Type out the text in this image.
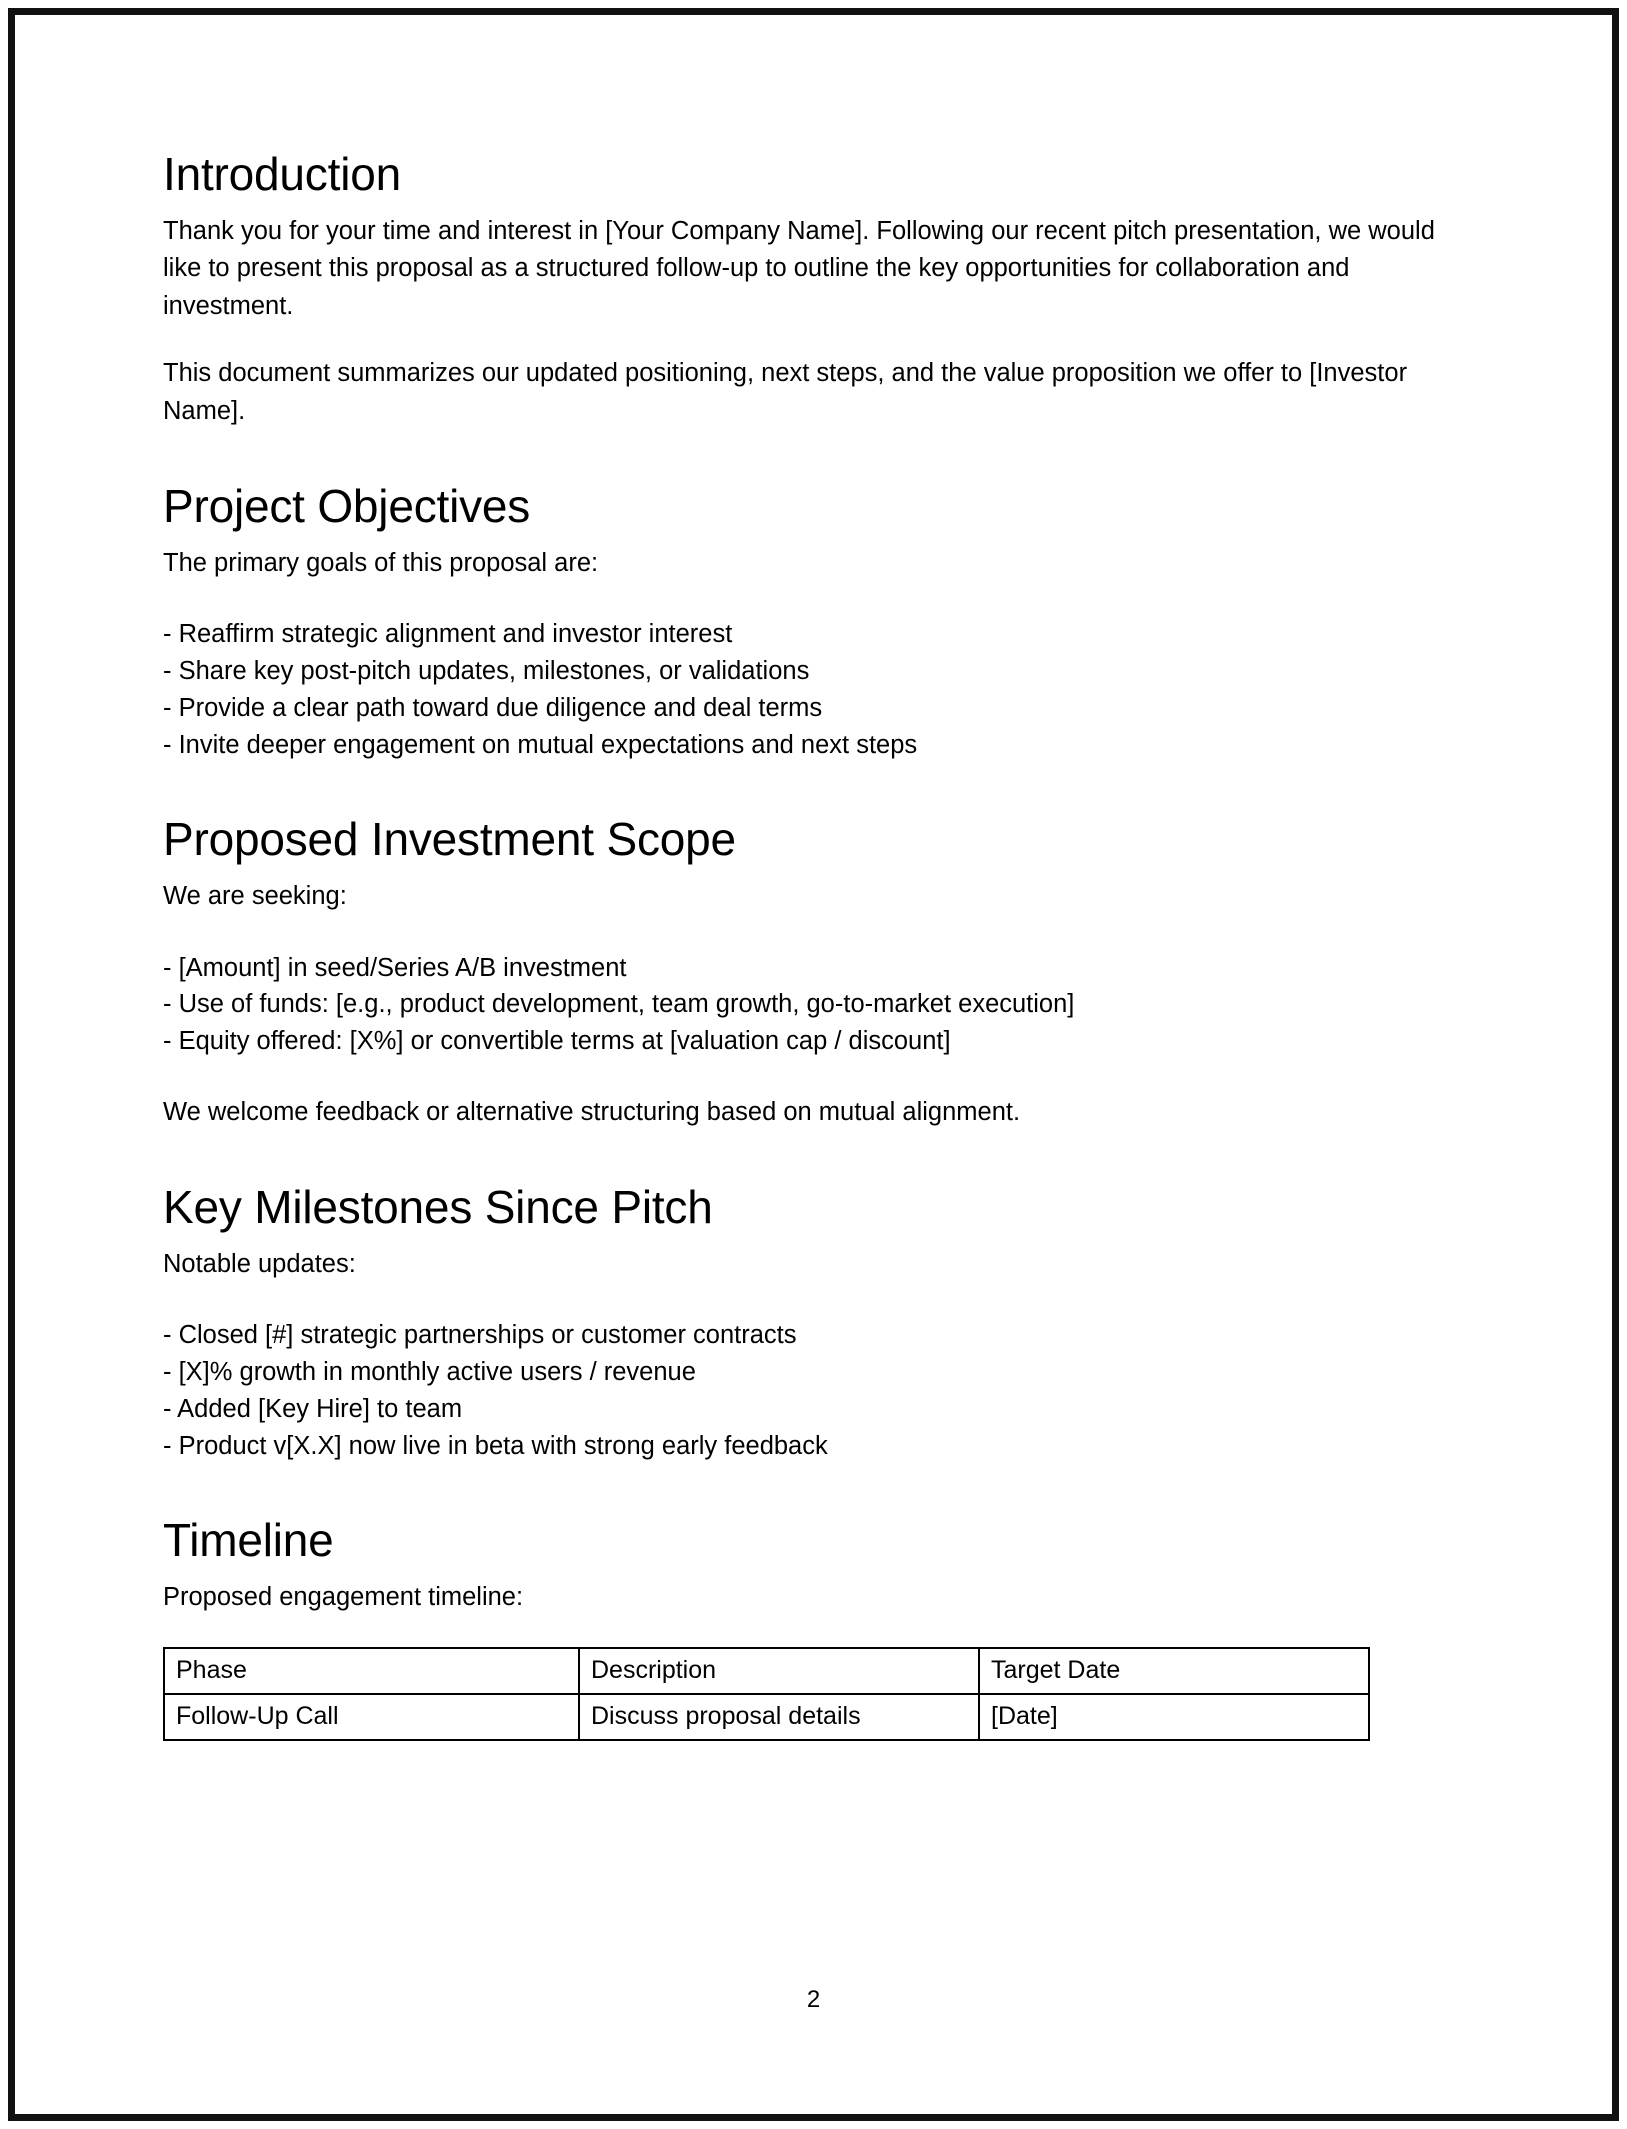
Introduction

Thank you for your time and interest in [Your Company Name]. Following our recent pitch presentation, we would like to present this proposal as a structured follow-up to outline the key opportunities for collaboration and investment.

This document summarizes our updated positioning, next steps, and the value proposition we offer to [Investor Name].

Project Objectives

The primary goals of this proposal are:

- Reaffirm strategic alignment and investor interest
- Share key post-pitch updates, milestones, or validations
- Provide a clear path toward due diligence and deal terms
- Invite deeper engagement on mutual expectations and next steps
Proposed Investment Scope

We are seeking:

- [Amount] in seed/Series A/B investment
- Use of funds: [e.g., product development, team growth, go-to-market execution]
- Equity offered: [X%] or convertible terms at [valuation cap / discount]

We welcome feedback or alternative structuring based on mutual alignment.

Key Milestones Since Pitch

Notable updates:

- Closed [#] strategic partnerships or customer contracts
- [X]% growth in monthly active users / revenue
- Added [Key Hire] to team
- Product v[X.X] now live in beta with strong early feedback
Timeline

Proposed engagement timeline:

Phase	Description	Target Date
Follow-Up Call	Discuss proposal details	[Date]
2
